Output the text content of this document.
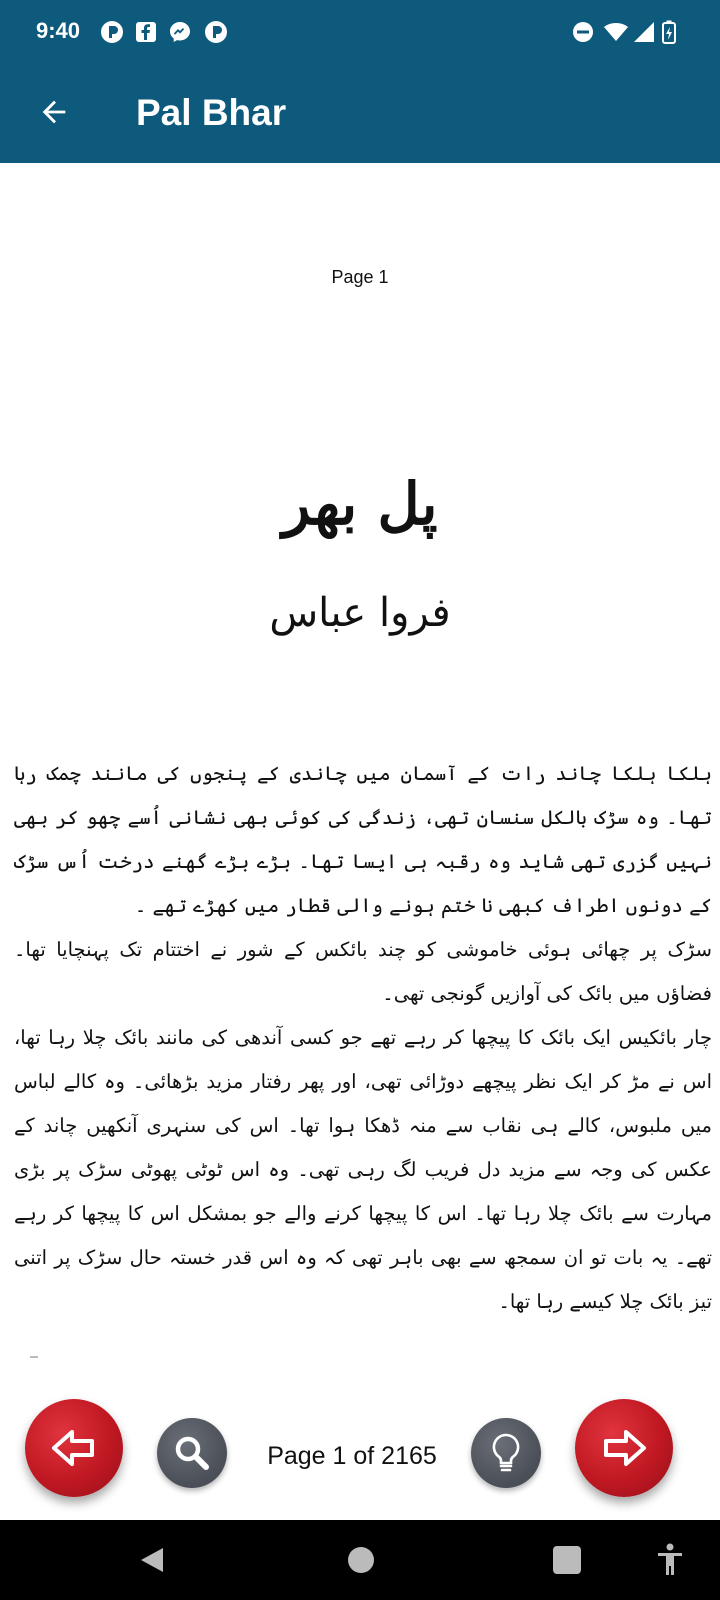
9:40
Pal Bhar
Page 1
پل بھر
فروا عباس

ہلکا ہلکا چاند رات کے آسمان میں چاندی کے پنجوں کی مانند چمک رہا تھا۔ وہ سڑک بالکل سنسان تھی، زندگی کی کوئی بھی نشانی اُسے چھو کر بھی نہیں گزری تھی شاید وہ رقبہ ہی ایسا تھا۔ بڑے بڑے گھنے درخت اُس سڑک کے دونوں اطراف کبھی نا ختم ہونے والی قطار میں کھڑے تھے ۔

سڑک پر چھائی ہوئی خاموشی کو چند بائکس کے شور نے اختتام تک پہنچایا تھا۔ فضاؤں میں بائک کی آوازیں گونجی تھی۔

چار بائکیس ایک بائک کا پیچھا کر رہے تھے جو کسی آندھی کی مانند بائک چلا رہا تھا، اس نے مڑ کر ایک نظر پیچھے دوڑائی تھی، اور پھر رفتار مزید بڑھائی۔ وہ کالے لباس میں ملبوس، کالے ہی نقاب سے منہ ڈھکا ہوا تھا۔ اس کی سنہری آنکھیں چاند کے عکس کی وجہ سے مزید دل فریب لگ رہی تھی۔ وہ اس ٹوٹی پھوٹی سڑک پر بڑی مہارت سے بائک چلا رہا تھا۔ اس کا پیچھا کرنے والے جو بمشکل اس کا پیچھا کر رہے تھے۔ یہ بات تو ان سمجھ سے بھی باہر تھی کہ وہ اس قدر خستہ حال سڑک پر اتنی تیز بائک چلا کیسے رہا تھا۔

Page 1 of 2165
